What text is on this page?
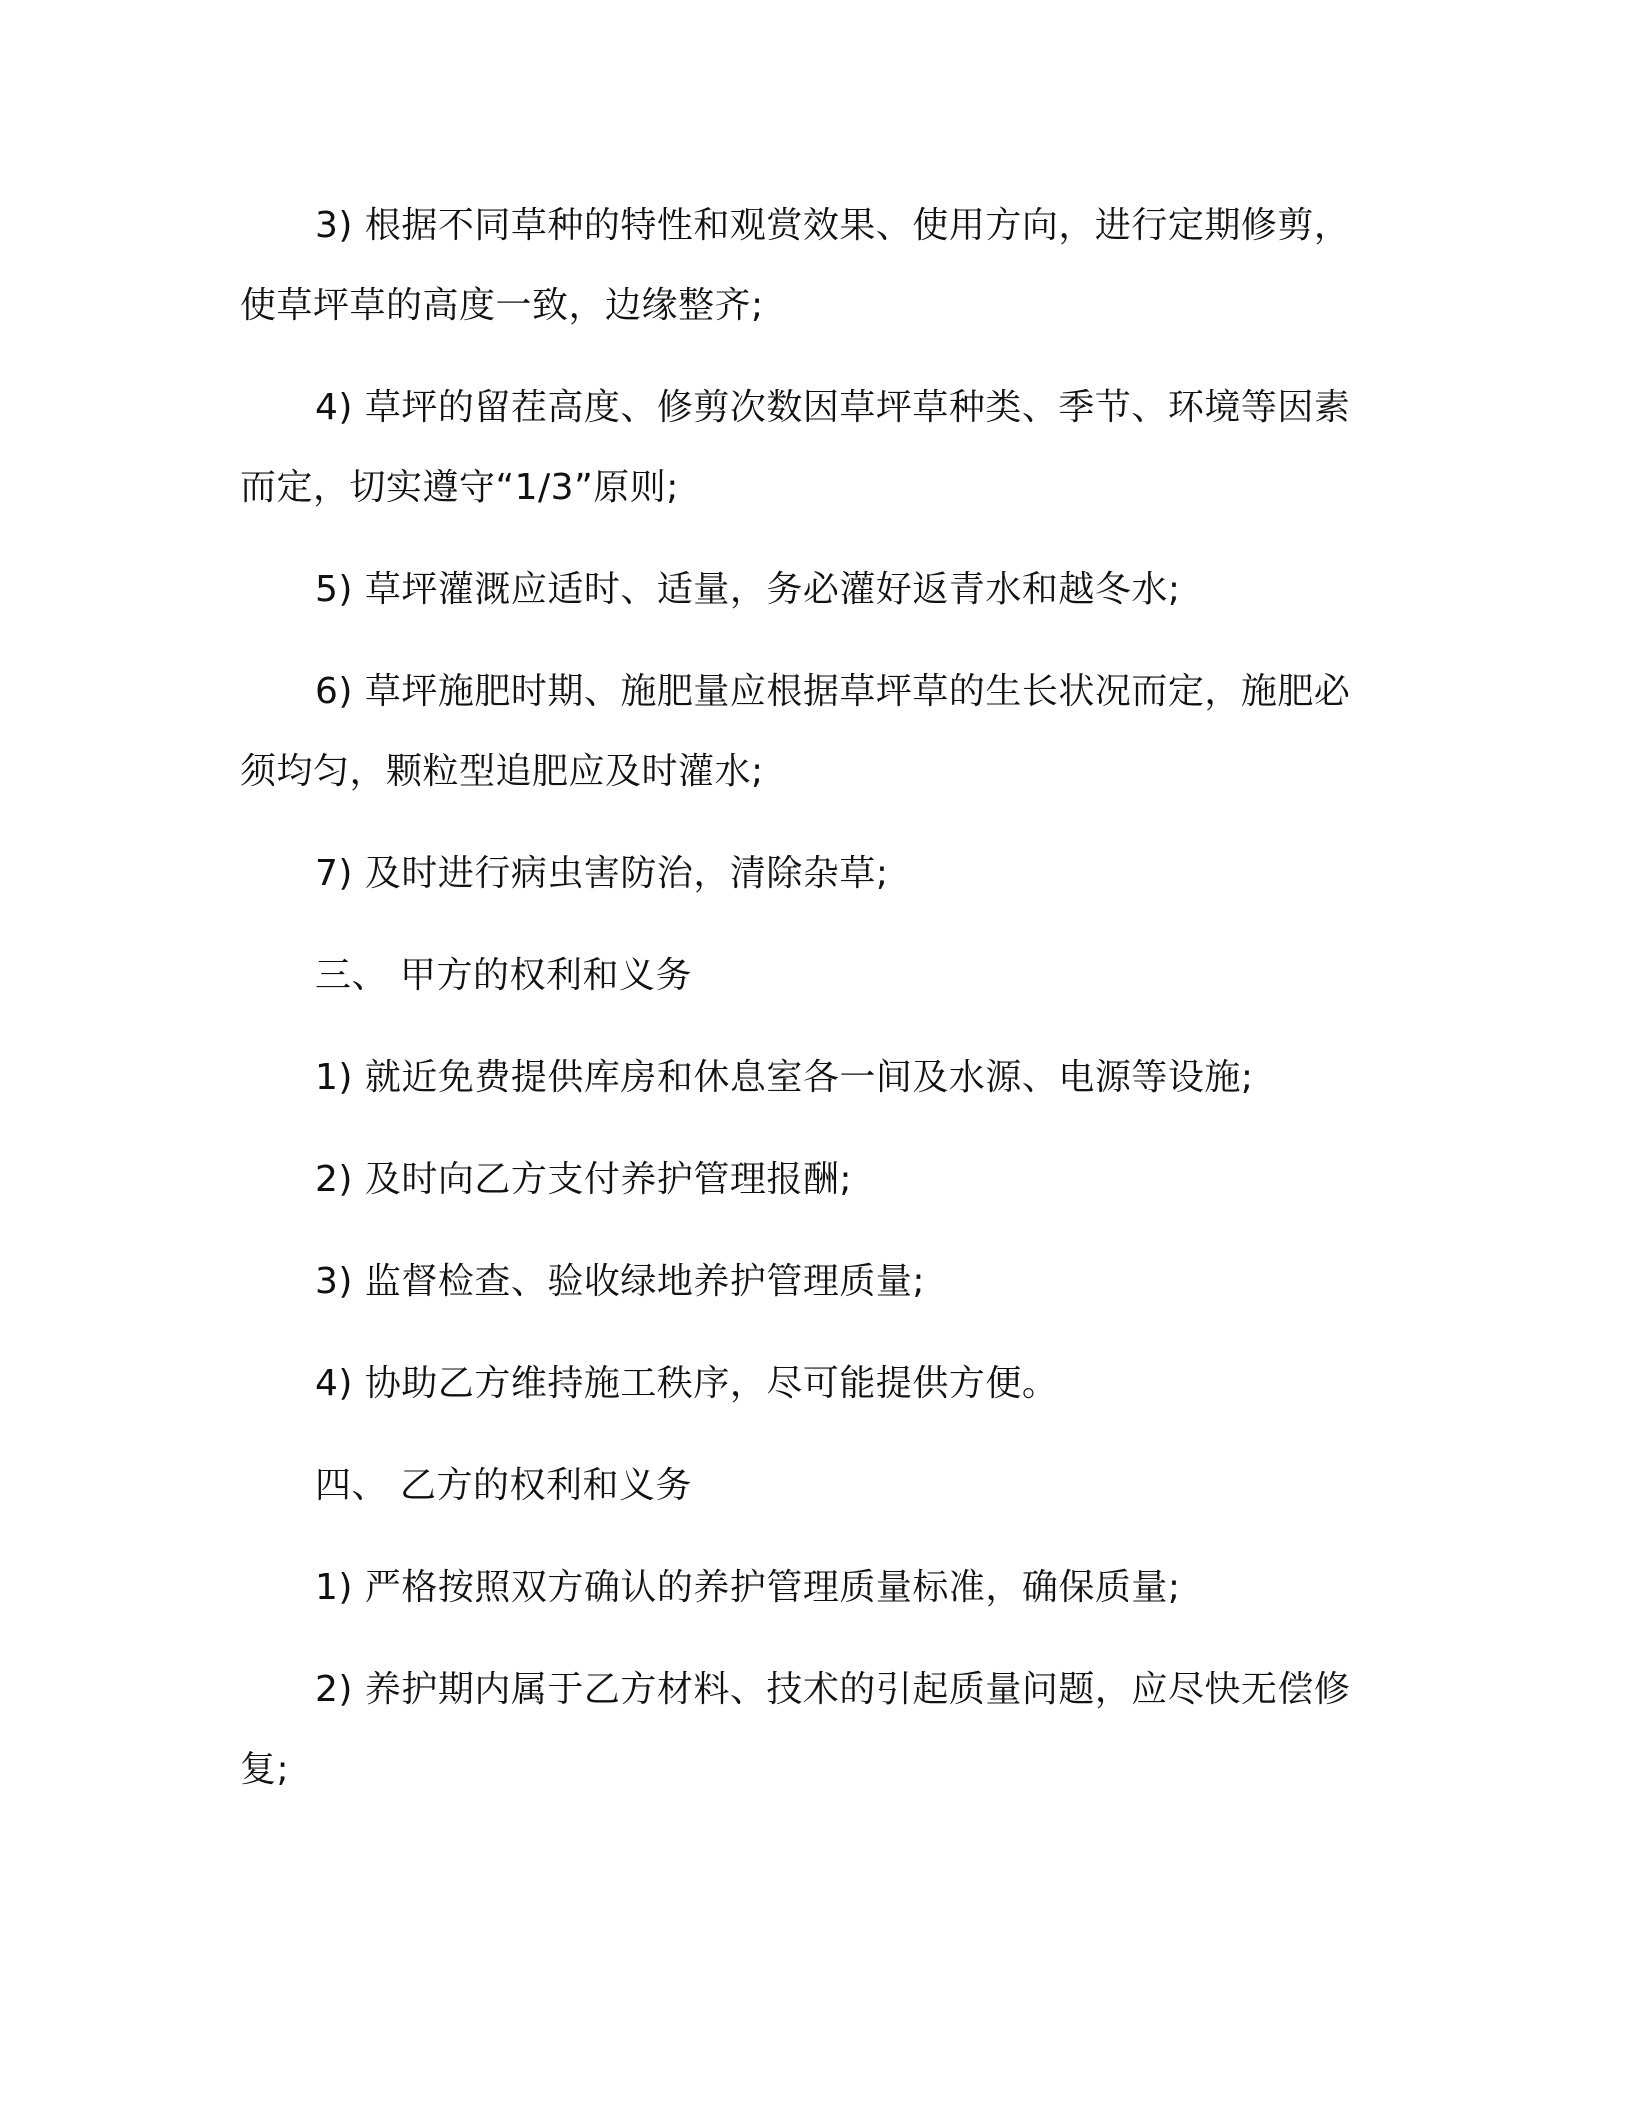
3) 根据不同草种的特性和观赏效果、使用方向，进行定期修剪，使草坪草的高度一致，边缘整齐;

4) 草坪的留茬高度、修剪次数因草坪草种类、季节、环境等因素而定，切实遵守“1/3”原则;

5) 草坪灌溉应适时、适量，务必灌好返青水和越冬水;

6) 草坪施肥时期、施肥量应根据草坪草的生长状况而定，施肥必须均匀，颗粒型追肥应及时灌水;

7) 及时进行病虫害防治，清除杂草;

三、 甲方的权利和义务

1) 就近免费提供库房和休息室各一间及水源、电源等设施;

2) 及时向乙方支付养护管理报酬;

3) 监督检查、验收绿地养护管理质量;

4) 协助乙方维持施工秩序，尽可能提供方便。

四、 乙方的权利和义务

1) 严格按照双方确认的养护管理质量标准，确保质量;

2) 养护期内属于乙方材料、技术的引起质量问题，应尽快无偿修复;
